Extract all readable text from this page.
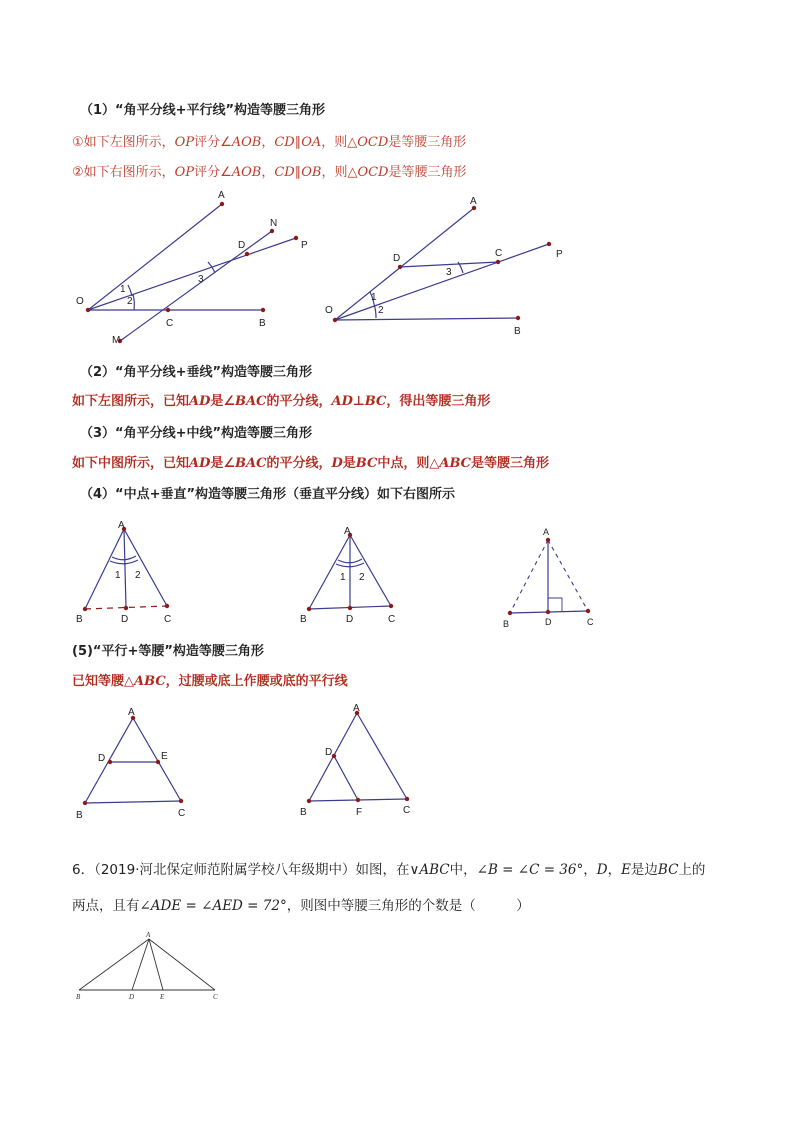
（1）“角平分线+平行线”构造等腰三角形
①如下左图所示，OP评分∠AOB，CD∥OA，则△OCD是等腰三角形
②如下右图所示，OP评分∠AOB，CD∥OB，则△OCD是等腰三角形
A
N
D	P
3
O
1
2
C	B
M
A
D	C	P
3
O
1
2
B
A
B	D	C
1 2
A
B	D	C
1 2
A
B	D	C
A
D	E
B	C
A
D
B	F	C
A
B	D	E	C
（2）“角平分线+垂线”构造等腰三角形
如下左图所示，已知AD是∠BAC的平分线，AD⊥BC，得出等腰三角形
（3）“角平分线+中线”构造等腰三角形
如下中图所示，已知AD是∠BAC的平分线，D是BC中点，则△ABC是等腰三角形
（4）“中点+垂直”构造等腰三角形（垂直平分线）如下右图所示
(5)“平行+等腰”构造等腰三角形
已知等腰△ABC，过腰或底上作腰或底的平行线
6．（2019·河北保定师范附属学校八年级期中）如图，在∨ABC中，∠B = ∠C = 36°，D，E是边BC上的
两点，且有∠ADE = ∠AED = 72°，则图中等腰三角形的个数是（　　　）
